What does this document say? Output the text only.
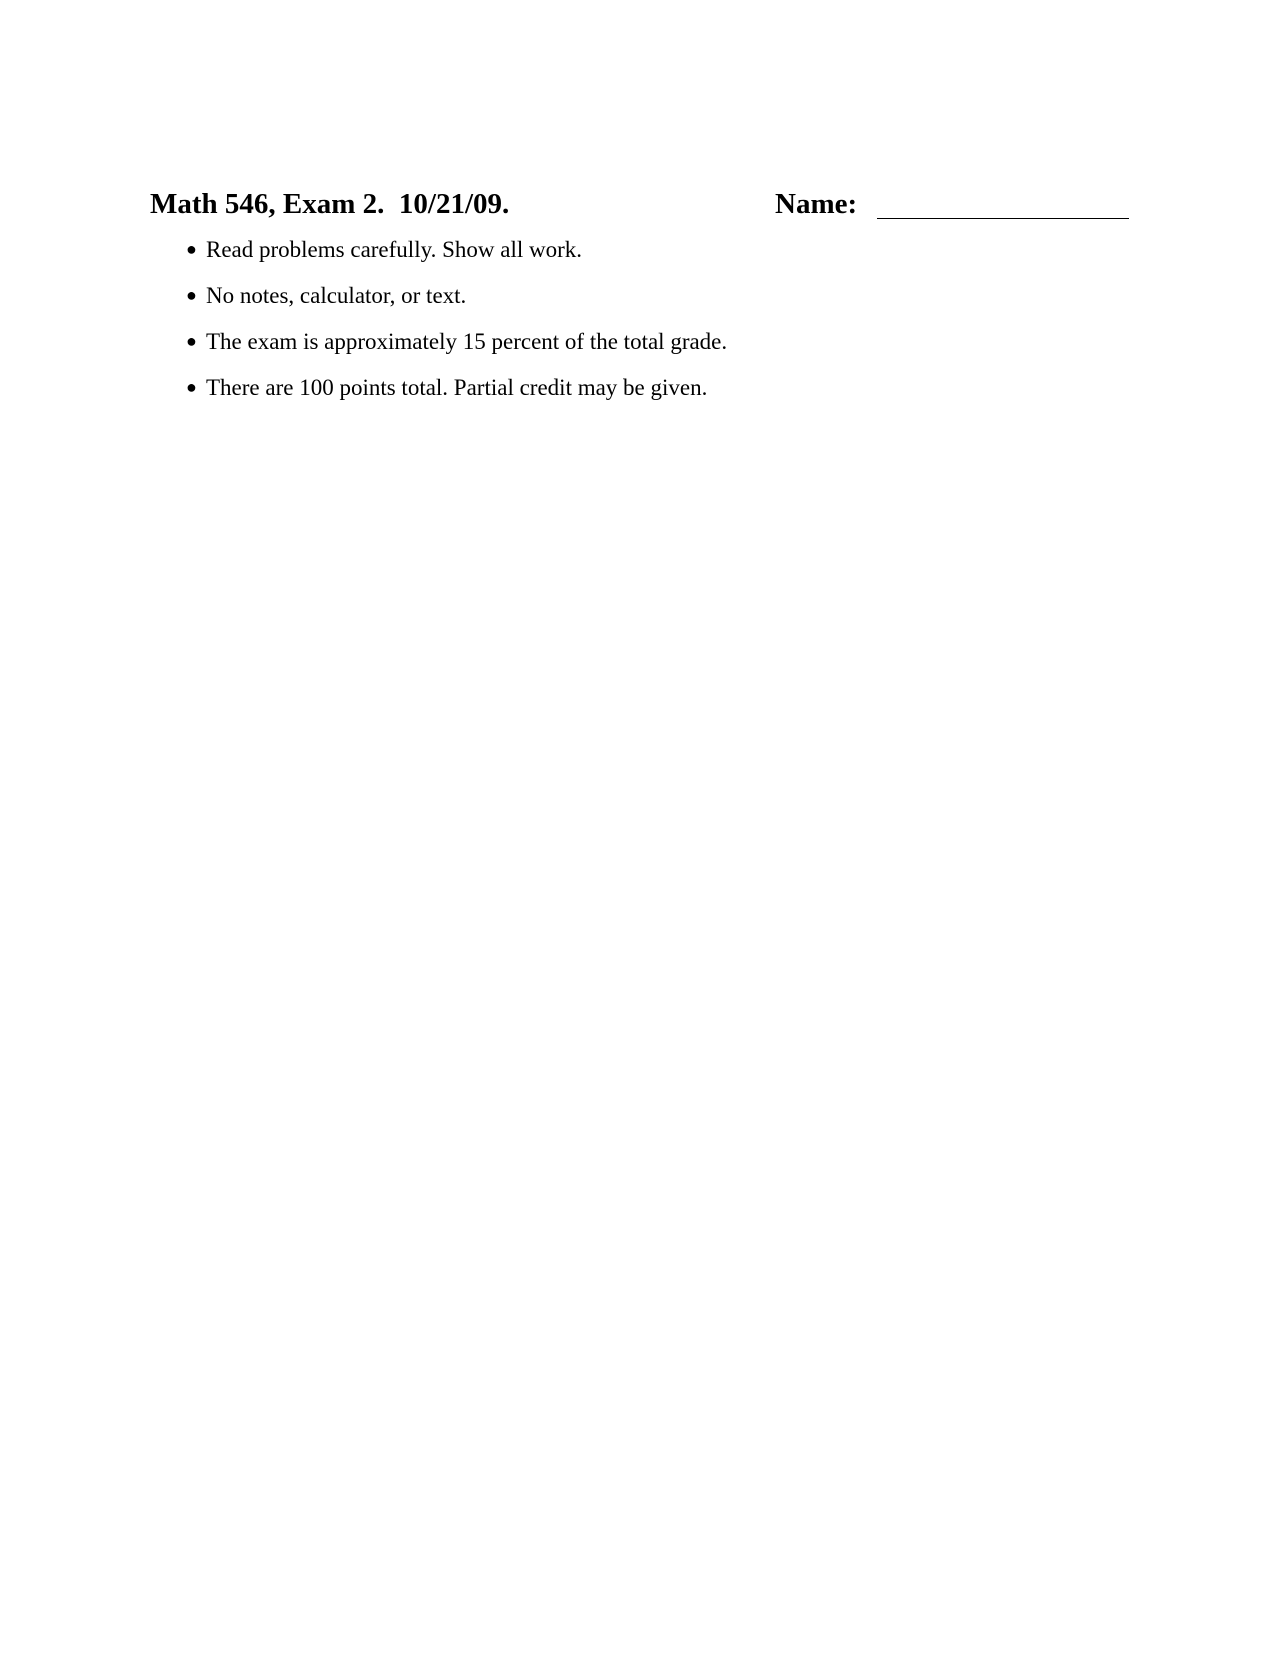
Math 546, Exam 2.  10/21/09.	Name:
● Read problems carefully. Show all work.
● No notes, calculator, or text.
● The exam is approximately 15 percent of the total grade.
● There are 100 points total. Partial credit may be given.
